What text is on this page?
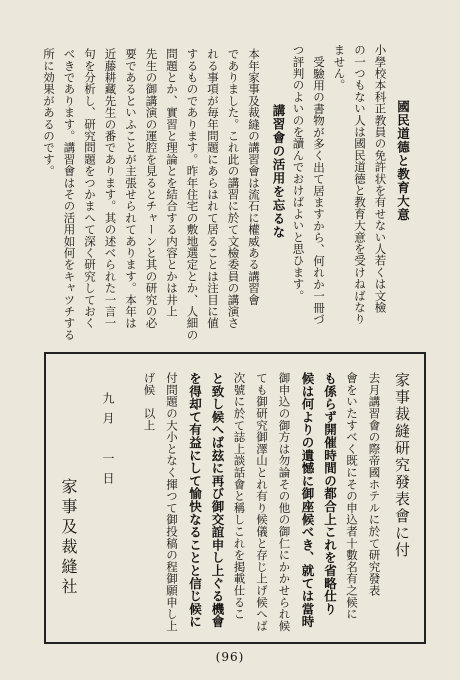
國民道德と教育大意
小學校本科正教員の免許状を有せない人若くは文檢
の一つもない人は國民道德と教育大意を受けねばなり
ません。
受驗用の書物が多く出て居ますから、何れか一冊づ
つ評判のよいのを讀んでおけばよいと思ひます。
講習會の活用を忘るな
本年家事及裁縫の講習會は流石に權威ある講習會
でありました。これ此の講習に於て文檢委員の講演さ
れる事項が毎年問題にあらはれて居ることは注目に値
するものであります。昨年住宅の敷地選定とか、人細の
問題とか、實習と理論とを結合する内容とかは井上
先生の御講演の運腔を見るとチャーンと其の研究の必
要であるといふことが主張せられてあります。本年は
近藤耕藏先生の番であります。其の述べられた一言一
句を分析し、研究問題をつかまへて深く研究しておく
べきであります。講習會はその活用如何をキャツチする
所に効果があるのです。
家事裁縫研究發表會に付
去月講習會の際帝國ホテルに於て研究發表
會をいたすべく既にその申込者十數名有之候に
も係らず開催時間の都合上これを省略仕り
候は何よりの遺憾に御座候べき、就ては當時
御申込の御方は勿論その他の御仁にかかせられ候
ても御研究御澤山とれ有り候儀と存じ上げ候へば
次號に於て誌上談話會と稱しこれを掲載仕るこ
と致し候へば玆に再び御交誼申し上ぐる機會
を得却て有益にして愉快なることと信じ候に
付問題の大小となく揮つて御投稿の程御願申し上
げ候　以上
九月　一日
家事及裁縫社
(96)
